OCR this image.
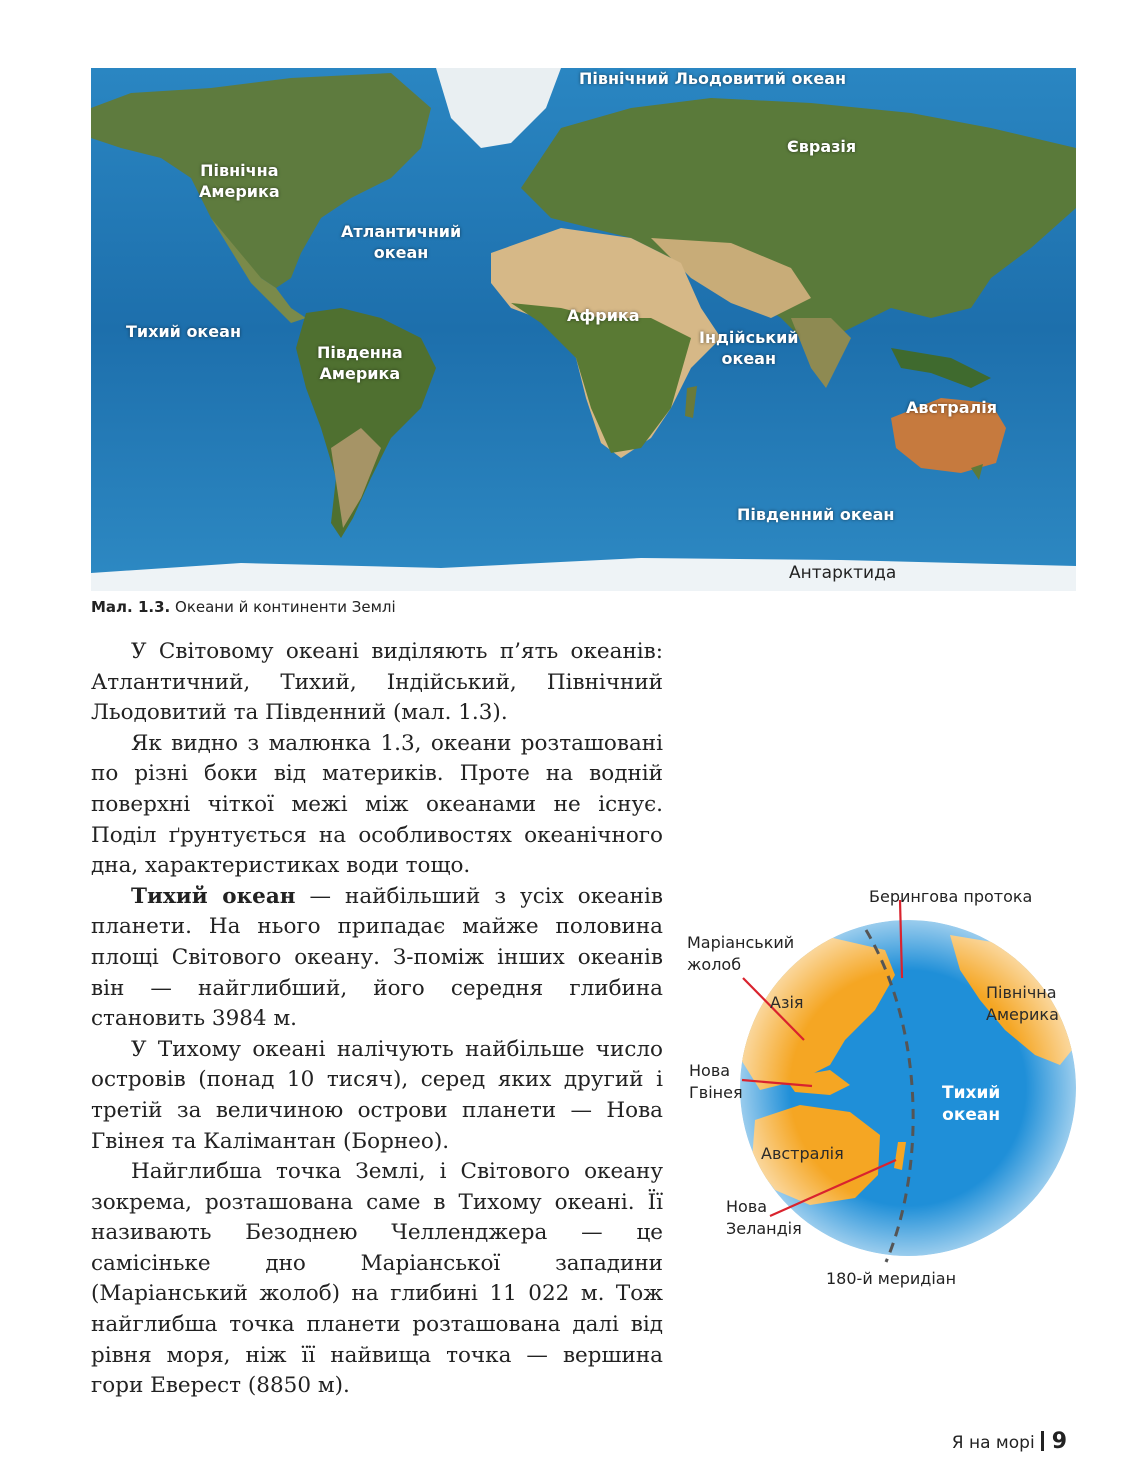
Північний Льодовитий океан
Євразія
Північна
Америка
Атлантичний
океан
Тихий океан
Південна
Америка
Африка
Індійський
океан
Австралія
Південний океан
Антарктида
Мал. 1.3. Океани й континенти Землі

У Світовому океані виділяють п’ять океанів: Атлантичний, Тихий, Індійський, Північний Льодовитий та Південний (мал. 1.3).

Як видно з малюнка 1.3, океани розташовані по різні боки від материків. Проте на водній поверхні чіткої межі між океанами не існує. Поділ ґрунтується на особливостях океанічного дна, характеристиках води тощо.

Тихий океан — найбільший з усіх океанів планети. На нього припадає майже половина площі Світового океану. З-поміж інших океанів він — найглибший, його середня глибина становить 3984 м.

У Тихому океані налічують найбільше число островів (понад 10 тисяч), серед яких другий і третій за величиною острови планети — Нова Гвінея та Калімантан (Борнео).

Найглибша точка Землі, і Світового океану зокрема, розташована саме в Тихому океані. Її називають Безоднею Челленджера — це самісіньке дно Маріанської западини (Маріанський жолоб) на глибині 11 022 м. Тож найглибша точка планети розташована далі від рівня моря, ніж її найвища точка — вершина гори Еверест (8850 м).

Берингова протока
Маріанський
жолоб
Азія
Північна
Америка
Нова
Гвінея	Тихий
океан
Австралія
Нова
Зеландія
180-й меридіан
Я на морі 9
